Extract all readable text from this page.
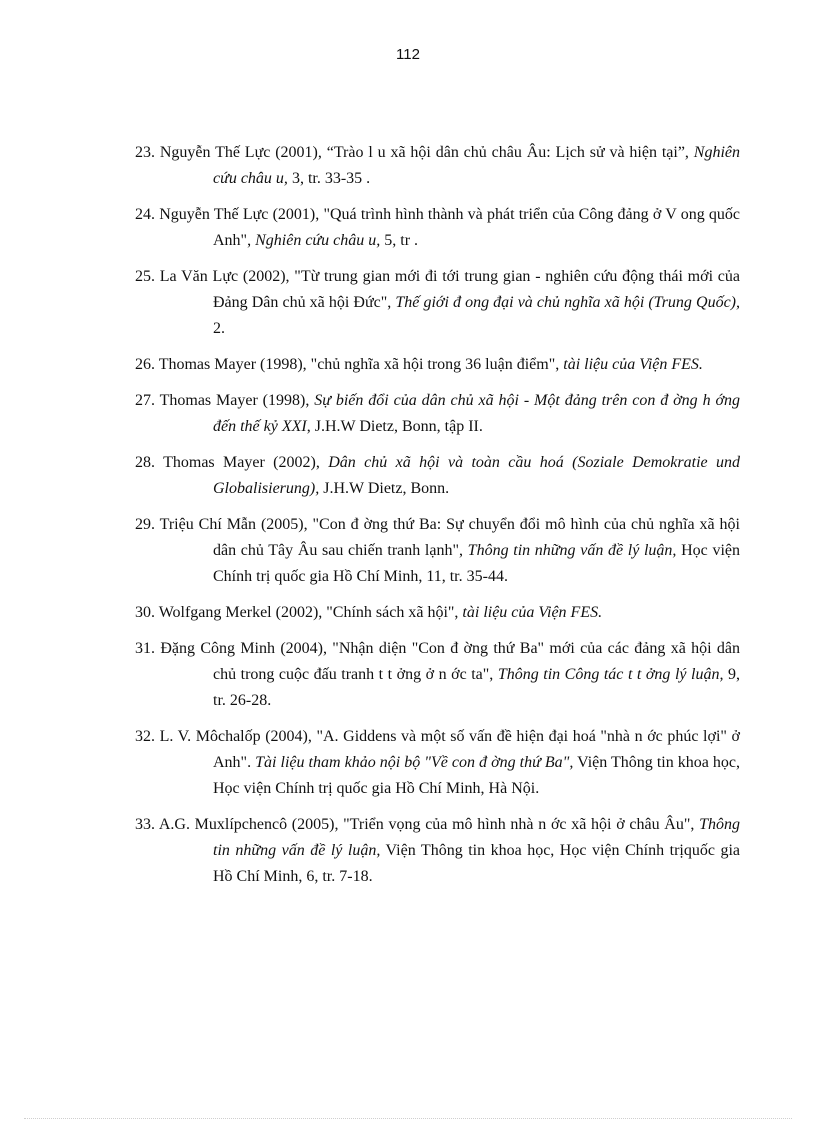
112
23. Nguyễn Thế Lực (2001), “Trào l u xã hội dân chủ châu Âu: Lịch sử và hiện tại”, Nghiên cứu châu u, 3, tr. 33-35 .
24. Nguyễn Thế Lực (2001), "Quá trình hình thành và phát triển của Công đảng ở V ong quốc Anh", Nghiên cứu châu u, 5, tr .
25. La Văn Lực (2002), "Từ trung gian mới đi tới trung gian - nghiên cứu động thái mới của Đảng Dân chủ xã hội Đức", Thế giới đ ong đại và chủ nghĩa xã hội (Trung Quốc), 2.
26. Thomas Mayer (1998), "chủ nghĩa xã hội trong 36 luận điểm", tài liệu của Viện FES.
27. Thomas Mayer (1998), Sự biến đổi của dân chủ xã hội - Một đảng trên con đ ờng h ớng đến thế kỷ XXI, J.H.W Dietz, Bonn, tập II.
28. Thomas Mayer (2002), Dân chủ xã hội và toàn cầu hoá (Soziale Demokratie und Globalisierung), J.H.W Dietz, Bonn.
29. Triệu Chí Mẫn (2005), "Con đ ờng thứ Ba: Sự chuyển đổi mô hình của chủ nghĩa xã hội dân chủ Tây Âu sau chiến tranh lạnh", Thông tin những vấn đề lý luận, Học viện Chính trị quốc gia Hồ Chí Minh, 11, tr. 35-44.
30. Wolfgang Merkel (2002), "Chính sách xã hội", tài liệu của Viện FES.
31. Đặng Công Minh (2004), "Nhận diện "Con đ ờng thứ Ba" mới của các đảng xã hội dân chủ trong cuộc đấu tranh t t ởng ở n ớc ta", Thông tin Công tác t t ởng lý luận, 9, tr. 26-28.
32. L. V. Môchalốp (2004), "A. Giddens và một số vấn đề hiện đại hoá "nhà n ớc phúc lợi" ở Anh". Tài liệu tham khảo nội bộ "Về con đ ờng thứ Ba", Viện Thông tin khoa học, Học viện Chính trị quốc gia Hồ Chí Minh, Hà Nội.
33. A.G. Muxlípchencô (2005), "Triển vọng của mô hình nhà n ớc xã hội ở châu Âu", Thông tin những vấn đề lý luận, Viện Thông tin khoa học, Học viện Chính trịquốc gia Hồ Chí Minh, 6, tr. 7-18.
